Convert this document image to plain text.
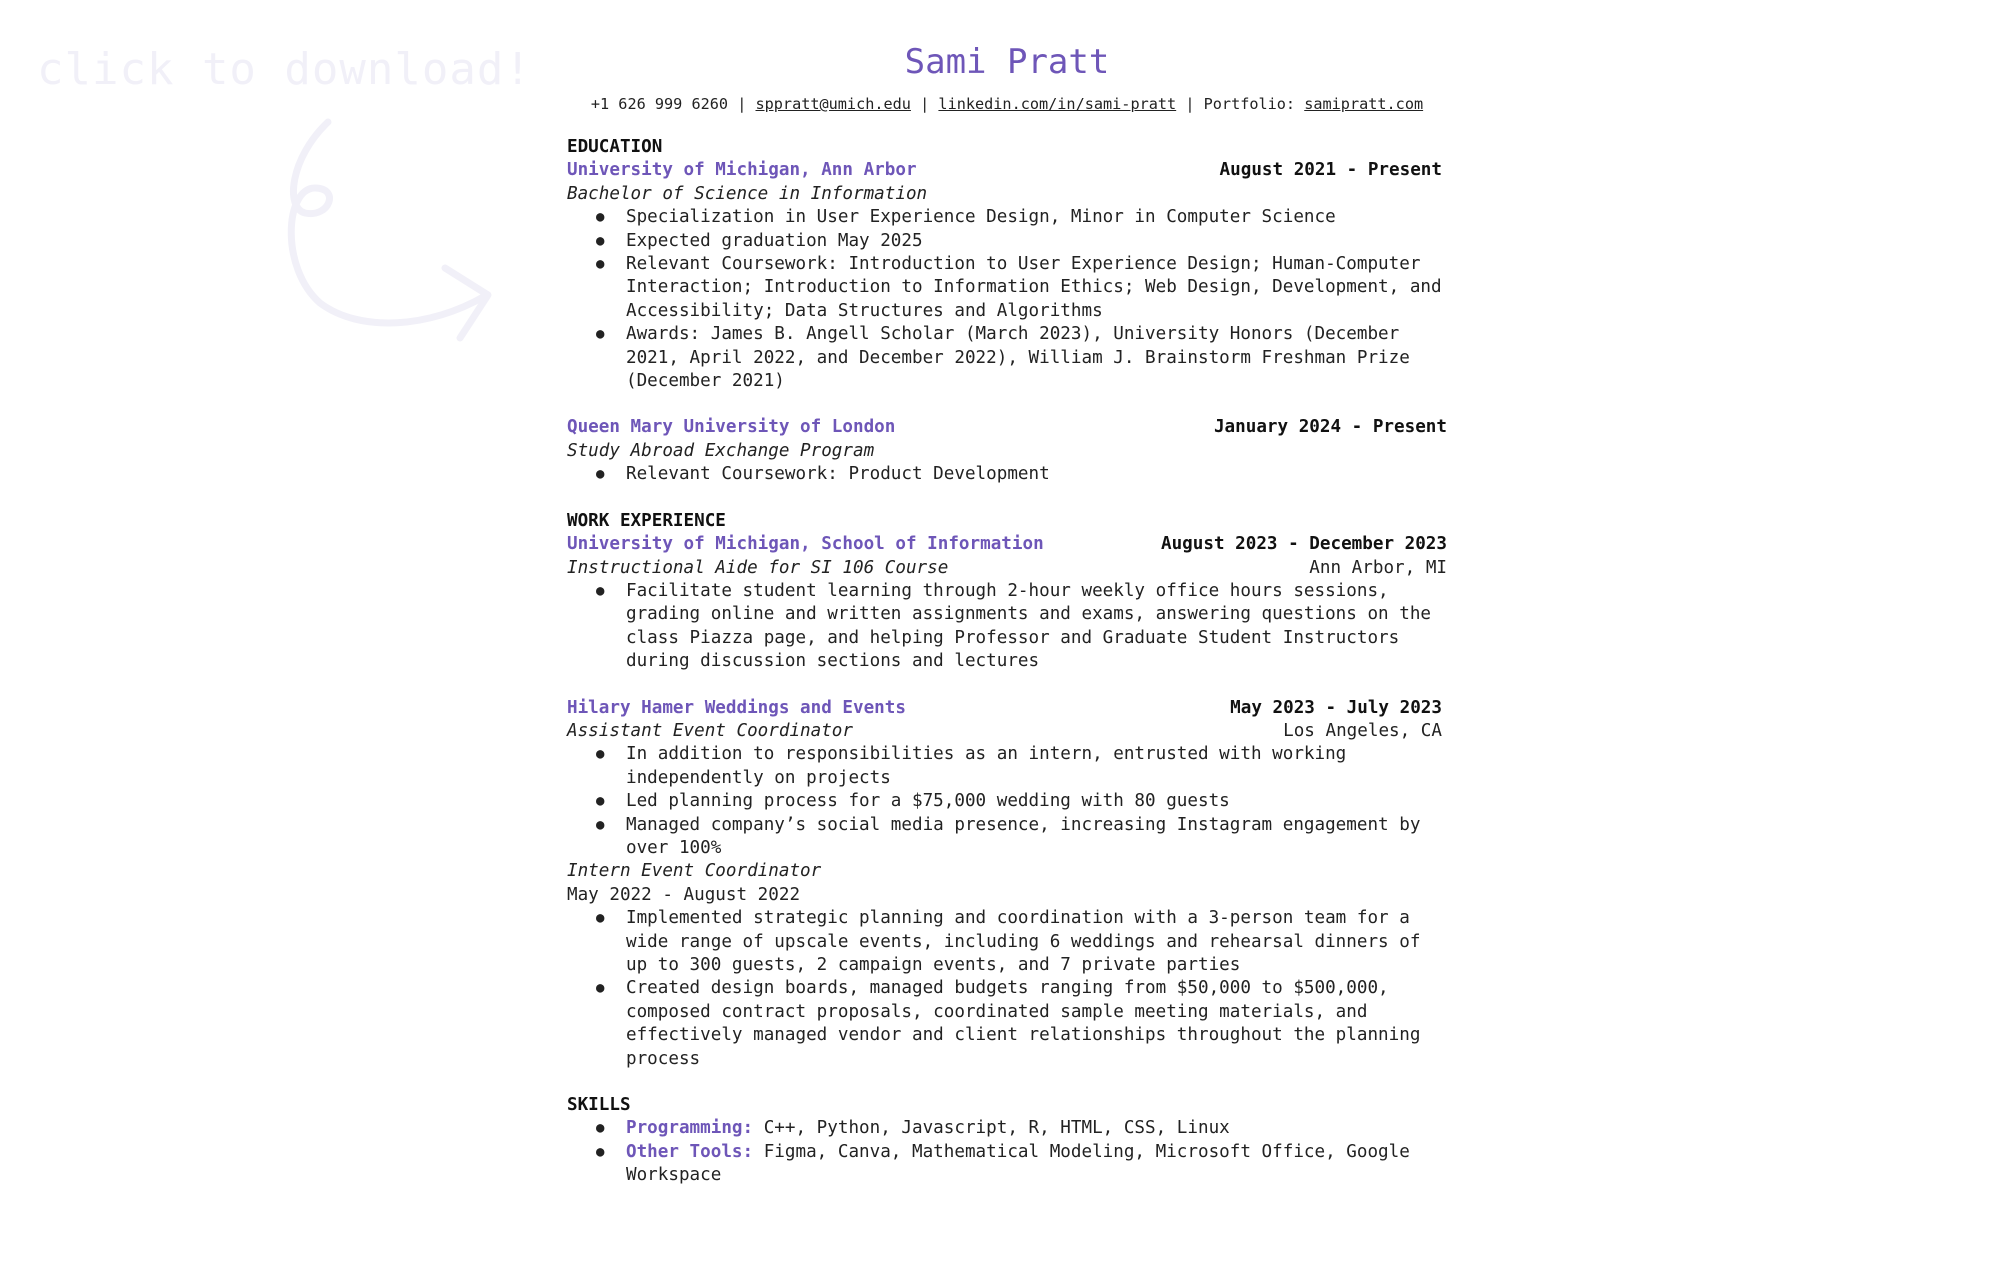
click to download!	Sami Pratt
+1 626 999 6260 | sppratt@umich.edu | linkedin.com/in/sami-pratt | Portfolio: samipratt.com
EDUCATION
University of Michigan, Ann Arbor	August 2021 - Present
Bachelor of Science in Information
● Specialization in User Experience Design, Minor in Computer Science
● Expected graduation May 2025
● Relevant Coursework: Introduction to User Experience Design; Human-Computer Interaction; Introduction to Information Ethics; Web Design, Development, and Accessibility; Data Structures and Algorithms
● Awards: James B. Angell Scholar (March 2023), University Honors (December 2021, April 2022, and December 2022), William J. Brainstorm Freshman Prize (December 2021)
Queen Mary University of London	January 2024 - Present
Study Abroad Exchange Program
● Relevant Coursework: Product Development
WORK EXPERIENCE
University of Michigan, School of Information	August 2023 - December 2023
Instructional Aide for SI 106 Course	Ann Arbor, MI
● Facilitate student learning through 2-hour weekly office hours sessions, grading online and written assignments and exams, answering questions on the class Piazza page, and helping Professor and Graduate Student Instructors during discussion sections and lectures
Hilary Hamer Weddings and Events	May 2023 - July 2023
Assistant Event Coordinator	Los Angeles, CA
● In addition to responsibilities as an intern, entrusted with working independently on projects
● Led planning process for a $75,000 wedding with 80 guests
● Managed company’s social media presence, increasing Instagram engagement by over 100%
Intern Event Coordinator
May 2022 - August 2022
● Implemented strategic planning and coordination with a 3-person team for a wide range of upscale events, including 6 weddings and rehearsal dinners of up to 300 guests, 2 campaign events, and 7 private parties
● Created design boards, managed budgets ranging from $50,000 to $500,000, composed contract proposals, coordinated sample meeting materials, and effectively managed vendor and client relationships throughout the planning process
SKILLS
● Programming: C++, Python, Javascript, R, HTML, CSS, Linux
● Other Tools: Figma, Canva, Mathematical Modeling, Microsoft Office, Google Workspace
